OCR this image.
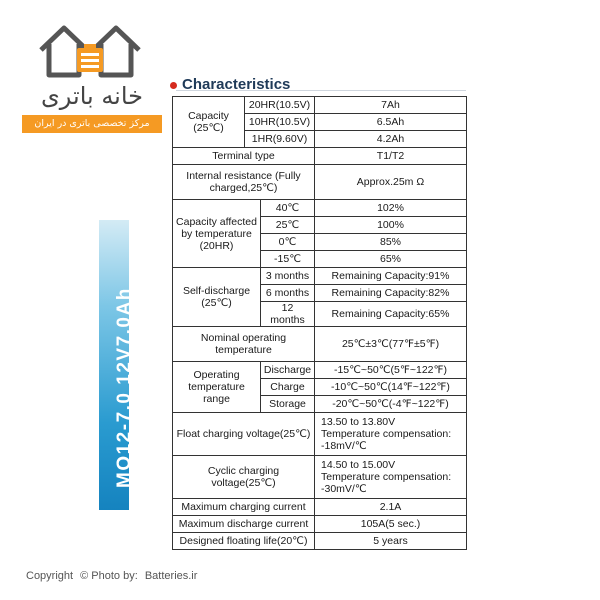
خانه باتری
مرکز تخصصی باتری در ایران
MO12-7.0 12V7.0Ah
Characteristics
Capacity (25℃)	20HR(10.5V)		7Ah
	10HR(10.5V)		6.5Ah
	1HR(9.60V)		4.2Ah
Terminal type			T1/T2
Internal resistance (Fully charged,25℃)			Approx.25m Ω
Capacity affected by temperature (20HR)		40℃	102%
		25℃	100%
		0℃	85%
		-15℃	65%
Self-discharge (25℃)		3 months	Remaining Capacity:91%
		6 months	Remaining Capacity:82%
		12 months	Remaining Capacity:65%
Nominal operating temperature			25℃±3℃(77℉±5℉)
Operating temperature range		Discharge	-15℃~50℃(5℉~122℉)
		Charge	-10℃~50℃(14℉~122℉)
		Storage	-20℃~50℃(-4℉~122℉)
Float charging voltage(25℃)			13.50 to 13.80V
Temperature compensation:
-18mV/℃

Cyclic charging voltage(25℃)			14.50 to 15.00V
Temperature compensation:
-30mV/℃

Maximum charging current			2.1A
Maximum discharge current			105A(5 sec.)
Designed floating life(20℃)			5 years
Copyright © Photo by: Batteries.ir
